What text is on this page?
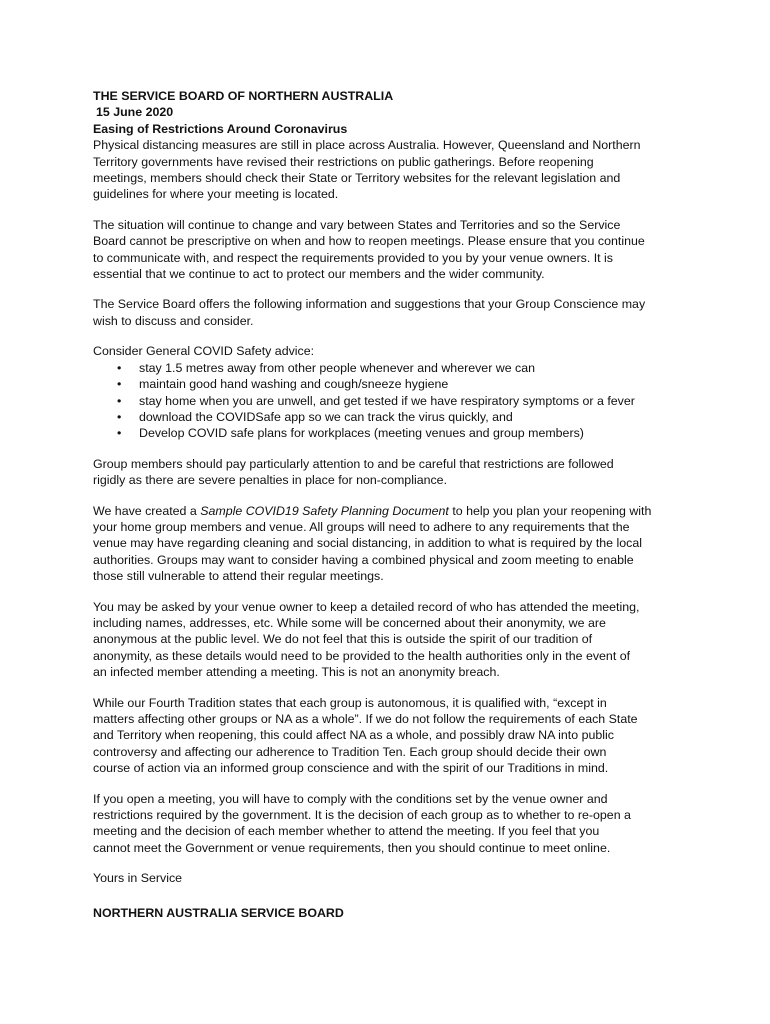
THE SERVICE BOARD OF NORTHERN AUSTRALIA
15 June 2020
Easing of Restrictions Around Coronavirus
Physical distancing measures are still in place across Australia. However, Queensland and Northern
Territory governments have revised their restrictions on public gatherings. Before reopening
meetings, members should check their State or Territory websites for the relevant legislation and
guidelines for where your meeting is located.
The situation will continue to change and vary between States and Territories and so the Service
Board cannot be prescriptive on when and how to reopen meetings. Please ensure that you continue
to communicate with, and respect the requirements provided to you by your venue owners. It is
essential that we continue to act to protect our members and the wider community.
The Service Board offers the following information and suggestions that your Group Conscience may
wish to discuss and consider.
Consider General COVID Safety advice:
• stay 1.5 metres away from other people whenever and wherever we can
• maintain good hand washing and cough/sneeze hygiene
• stay home when you are unwell, and get tested if we have respiratory symptoms or a fever
• download the COVIDSafe app so we can track the virus quickly, and
• Develop COVID safe plans for workplaces (meeting venues and group members)
Group members should pay particularly attention to and be careful that restrictions are followed
rigidly as there are severe penalties in place for non-compliance.
We have created a Sample COVID19 Safety Planning Document to help you plan your reopening with
your home group members and venue. All groups will need to adhere to any requirements that the
venue may have regarding cleaning and social distancing, in addition to what is required by the local
authorities. Groups may want to consider having a combined physical and zoom meeting to enable
those still vulnerable to attend their regular meetings.
You may be asked by your venue owner to keep a detailed record of who has attended the meeting,
including names, addresses, etc. While some will be concerned about their anonymity, we are
anonymous at the public level. We do not feel that this is outside the spirit of our tradition of
anonymity, as these details would need to be provided to the health authorities only in the event of
an infected member attending a meeting. This is not an anonymity breach.
While our Fourth Tradition states that each group is autonomous, it is qualified with, “except in
matters affecting other groups or NA as a whole”. If we do not follow the requirements of each State
and Territory when reopening, this could affect NA as a whole, and possibly draw NA into public
controversy and affecting our adherence to Tradition Ten. Each group should decide their own
course of action via an informed group conscience and with the spirit of our Traditions in mind.
If you open a meeting, you will have to comply with the conditions set by the venue owner and
restrictions required by the government. It is the decision of each group as to whether to re-open a
meeting and the decision of each member whether to attend the meeting. If you feel that you
cannot meet the Government or venue requirements, then you should continue to meet online.
Yours in Service
NORTHERN AUSTRALIA SERVICE BOARD
